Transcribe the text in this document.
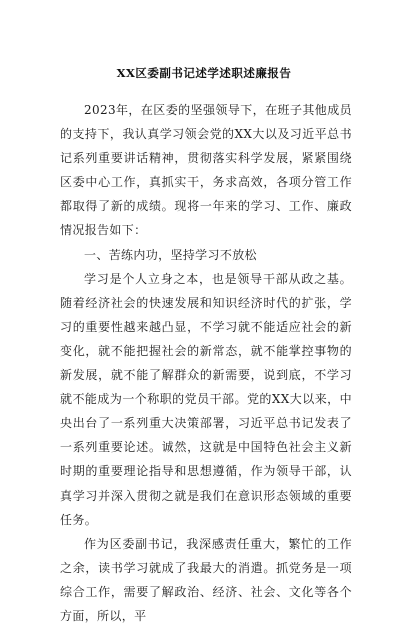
XX区委副书记述学述职述廉报告

2023年，在区委的坚强领导下，在班子其他成员的支持下，我认真学习领会党的XX大以及习近平总书记系列重要讲话精神，贯彻落实科学发展，紧紧围绕区委中心工作，真抓实干，务求高效，各项分管工作都取得了新的成绩。现将一年来的学习、工作、廉政情况报告如下：

一、苦练内功，坚持学习不放松

学习是个人立身之本，也是领导干部从政之基。随着经济社会的快速发展和知识经济时代的扩张，学习的重要性越来越凸显，不学习就不能适应社会的新变化，就不能把握社会的新常态，就不能掌控事物的新发展，就不能了解群众的新需要，说到底，不学习就不能成为一个称职的党员干部。党的XX大以来，中央出台了一系列重大决策部署，习近平总书记发表了一系列重要论述。诚然，这就是中国特色社会主义新时期的重要理论指导和思想遵循，作为领导干部，认真学习并深入贯彻之就是我们在意识形态领域的重要任务。

作为区委副书记，我深感责任重大，繁忙的工作之余，读书学习就成了我最大的消遣。抓党务是一项综合工作，需要了解政治、经济、社会、文化等各个方面，所以，平
